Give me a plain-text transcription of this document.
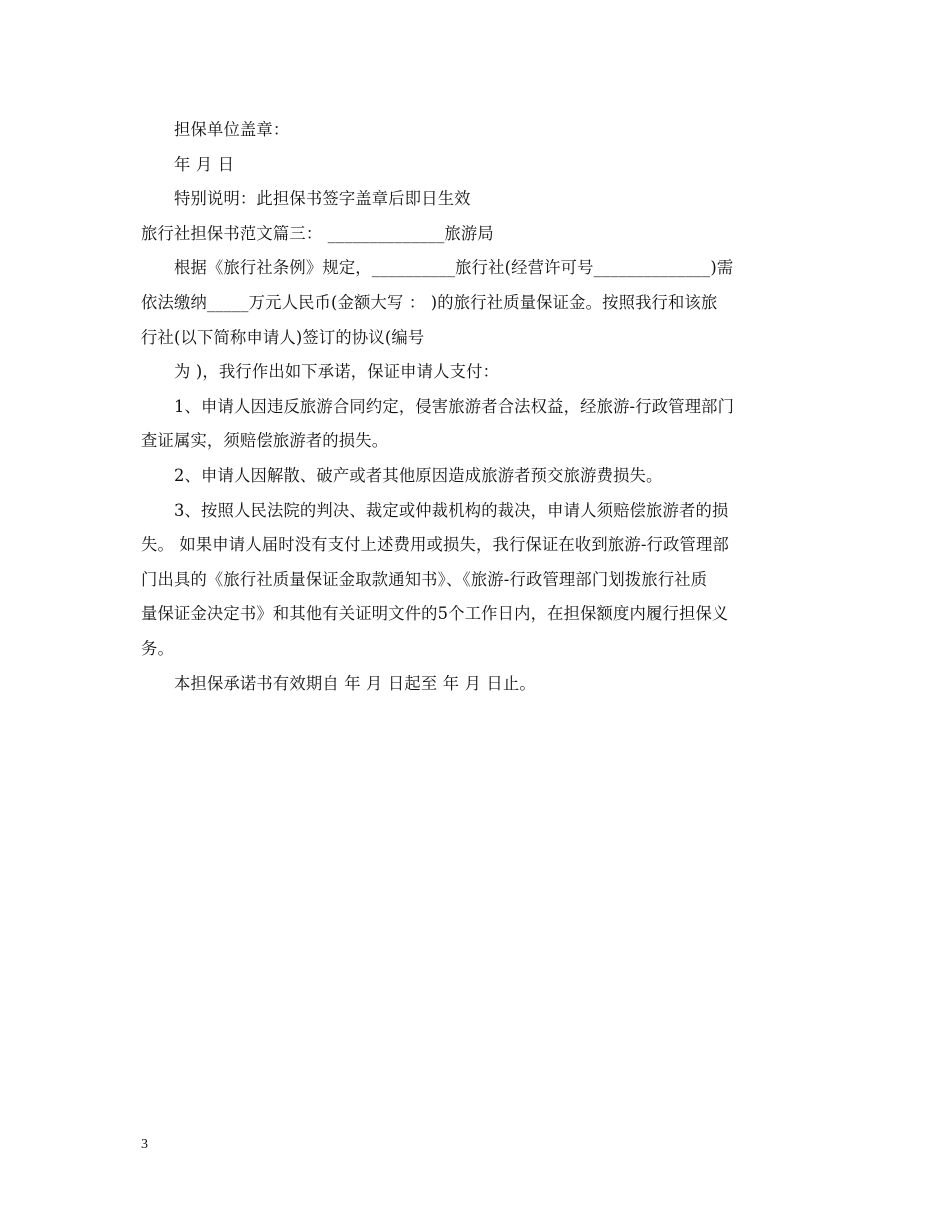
担保单位盖章：
年 月 日
特别说明：此担保书签字盖章后即日生效
旅行社担保书范文篇三： ______________旅游局
根据《旅行社条例》规定，__________旅行社(经营许可号______________)需
依法缴纳_____万元人民币(金额大写 ： )的旅行社质量保证金。按照我行和该旅
行社(以下简称申请人)签订的协议(编号
为 )，我行作出如下承诺，保证申请人支付：
1、申请人因违反旅游合同约定，侵害旅游者合法权益，经旅游-行政管理部门
查证属实，须赔偿旅游者的损失。
2、申请人因解散、破产或者其他原因造成旅游者预交旅游费损失。
3、按照人民法院的判决、裁定或仲裁机构的裁决，申请人须赔偿旅游者的损
失。 如果申请人届时没有支付上述费用或损失，我行保证在收到旅游-行政管理部
门出具的《旅行社质量保证金取款通知书》、《旅游-行政管理部门划拨旅行社质
量保证金决定书》和其他有关证明文件的5个工作日内，在担保额度内履行担保义
务。
本担保承诺书有效期自 年 月 日起至 年 月 日止。
3
